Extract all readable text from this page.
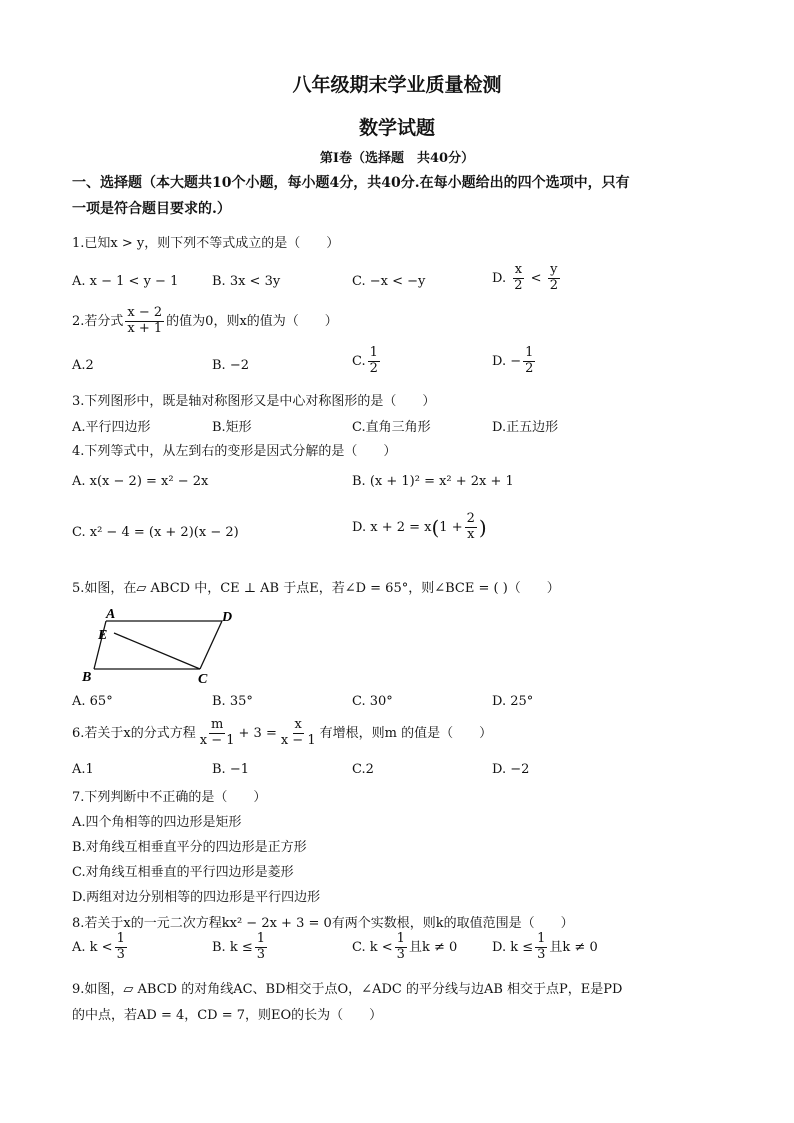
八年级期末学业质量检测
数学试题
第Ⅰ卷（选择题　共40分）
一、选择题（本大题共10个小题，每小题4分，共40分.在每小题给出的四个选项中，只有
一项是符合题目要求的.）
1.已知x > y，则下列不等式成立的是（　　）
A. x − 1 < y − 1	B. 3x < 3y	C. −x < −y	D. $\frac{x}{2} < \frac{y}{2}$
2.若分式 $\frac{x - 2}{x + 1}$ 的值为0，则x的值为（　　）
A.2	B. −2	C. $\frac{1}{2}$	D. − $\frac{1}{2}$
3.下列图形中，既是轴对称图形又是中心对称图形的是（　　）
A.平行四边形	B.矩形	C.直角三角形	D.正五边形
4.下列等式中，从左到右的变形是因式分解的是（　　）
A. x(x − 2) = x² − 2x	B. (x + 1)² = x² + 2x + 1
C. x² − 4 = (x + 2)(x − 2)	D. $x + 2 = x(1 + \frac{2}{x}$ )
5.如图，在▱ ABCD 中，CE ⊥ AB 于点E，若∠D = 65°，则∠BCE = ( )（　　）
A	D
E
B	C
A. 65°	B. 35°	C. 30°	D. 25°
6.若关于x的分式方程 $\frac{m}{x - 1} + 3 = \frac{x}{x - 1}$ 有增根，则m 的值是（　　）
A.1	B. −1	C.2	D. −2
7.下列判断中不正确的是（　　）
A.四个角相等的四边形是矩形
B.对角线互相垂直平分的四边形是正方形
C.对角线互相垂直的平行四边形是菱形
D.两组对边分别相等的四边形是平行四边形
8.若关于x的一元二次方程kx² − 2x + 3 = 0有两个实数根，则k的取值范围是（　　）
A. $k < \frac{1}{3}$	B. $k \le \frac{1}{3}$	C. $k < \frac{1}{3}$ 且k ≠ 0	D. $k \le \frac{1}{3}$ 且k ≠ 0
9.如图，▱ ABCD 的对角线AC、BD相交于点O，∠ADC 的平分线与边AB 相交于点P，E是PD
的中点，若AD = 4，CD = 7，则EO的长为（　　）
